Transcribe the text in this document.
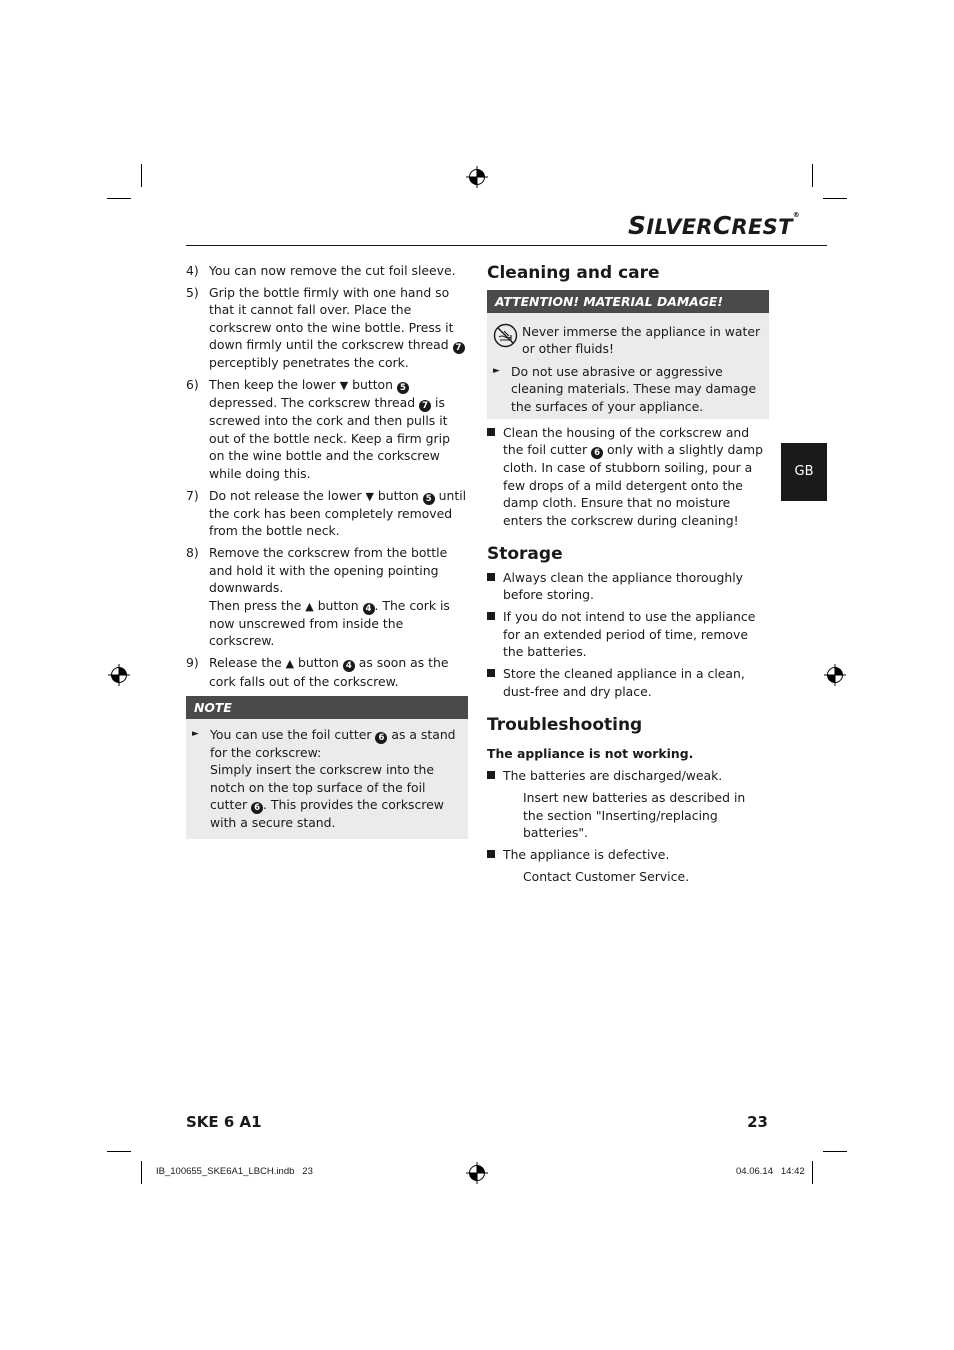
SILVERCREST®
4) You can now remove the cut foil sleeve.
5) Grip the bottle firmly with one hand so that it cannot fall over. Place the corkscrew onto the wine bottle. Press it down firmly until the corkscrew thread 7 perceptibly penetrates the cork.
6) Then keep the lower ▼ button 5 depressed. The corkscrew thread 7 is screwed into the cork and then pulls it out of the bottle neck. Keep a firm grip on the wine bottle and the corkscrew while doing this.
7) Do not release the lower ▼ button 5 until the cork has been completely removed from the bottle neck.
8) Remove the corkscrew from the bottle and hold it with the opening pointing downwards.
Then press the ▲ button 4 . The cork is now unscrewed from inside the corkscrew.
9) Release the ▲ button 4 as soon as the cork falls out of the corkscrew.
NOTE
► You can use the foil cutter 6 as a stand for the corkscrew:
Simply insert the corkscrew into the notch on the top surface of the foil cutter 6 . This provides the corkscrew with a secure stand.
Cleaning and care
ATTENTION! MATERIAL DAMAGE!
Never immerse the appliance in water or other fluids!
► Do not use abrasive or aggressive cleaning materials. These may damage the surfaces of your appliance.
Clean the housing of the corkscrew and the foil cutter 6 only with a slightly damp cloth. In case of stubborn soiling, pour a few drops of a mild detergent onto the damp cloth. Ensure that no moisture enters the corkscrew during cleaning!
Storage
Always clean the appliance thoroughly before storing.
If you do not intend to use the appliance for an extended period of time, remove the batteries.
Store the cleaned appliance in a clean, dust-free and dry place.
Troubleshooting
The appliance is not working.
The batteries are discharged/weak.
Insert new batteries as described in the section "Inserting/replacing batteries".
The appliance is defective.
Contact Customer Service.
GB
SKE 6 A1	23
IB_100655_SKE6A1_LBCH.indb   23	04.06.14   14:42
